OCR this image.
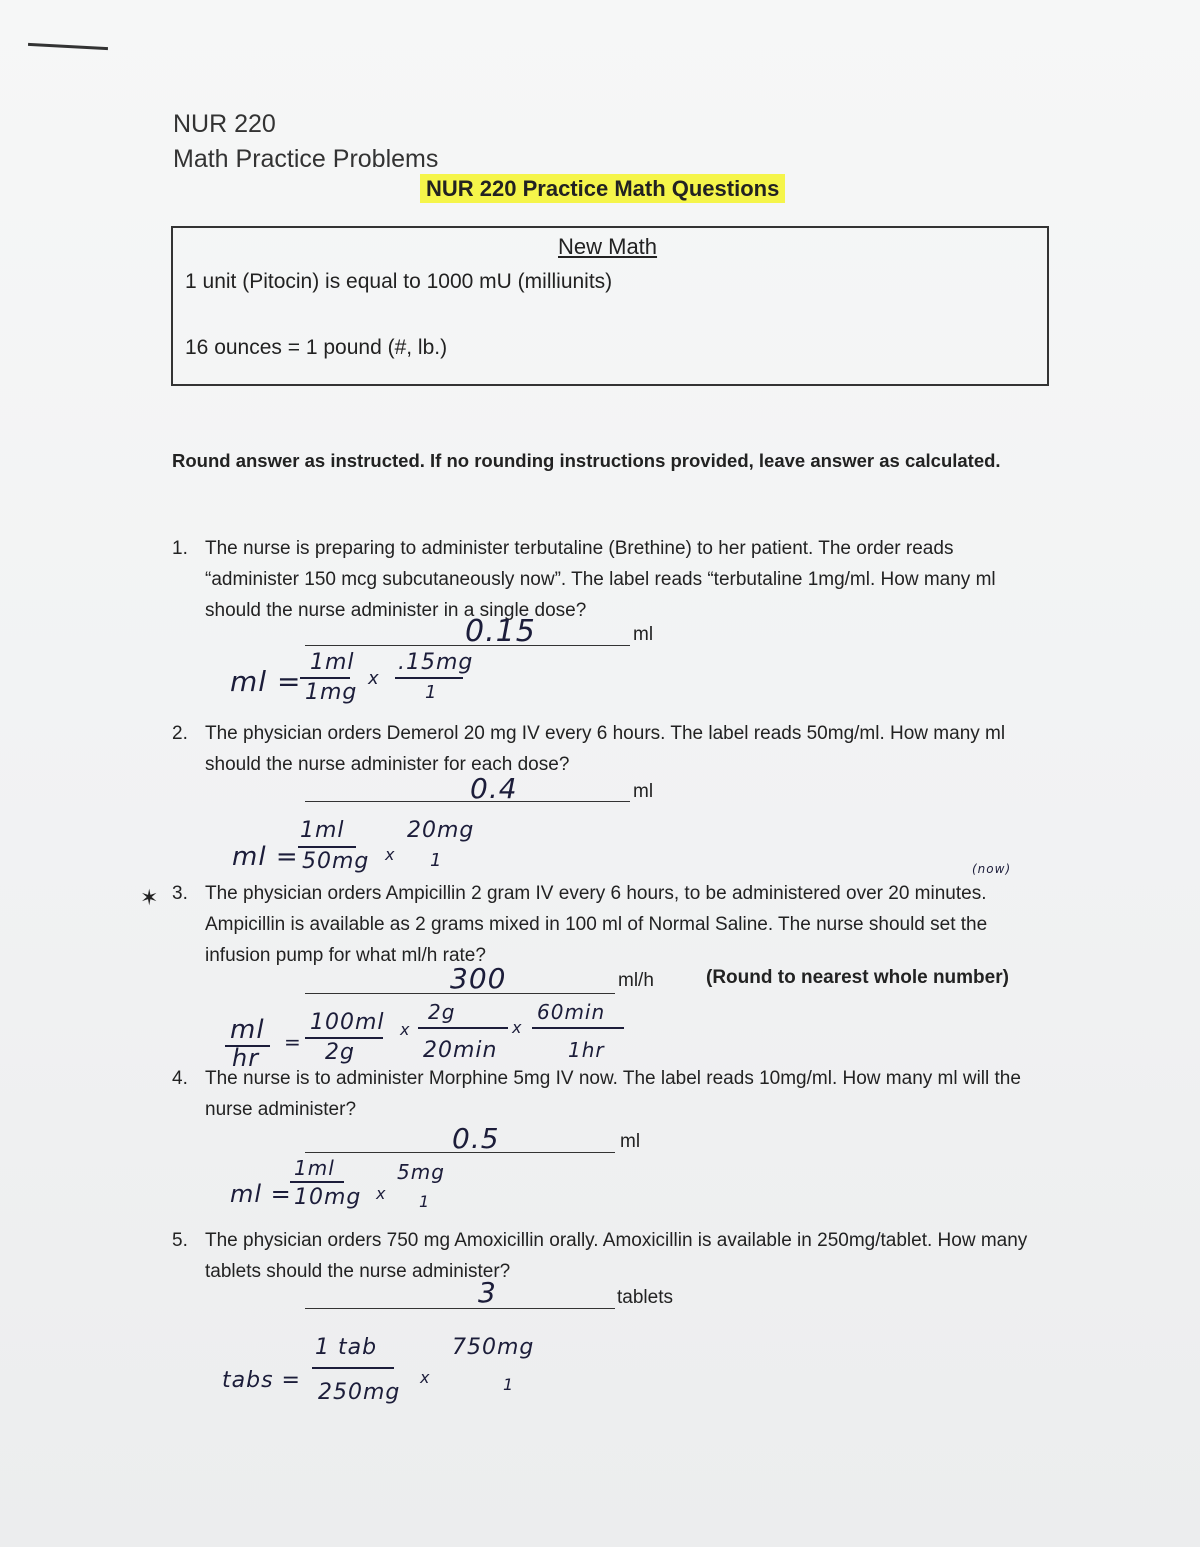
NUR 220
Math Practice Problems
NUR 220 Practice Math Questions
New Math
1 unit (Pitocin) is equal to 1000 mU (milliunits)
16 ounces = 1 pound (#, lb.)
Round answer as instructed. If no rounding instructions provided, leave answer as calculated.
1. The nurse is preparing to administer terbutaline (Brethine) to her patient. The order reads “administer 150 mcg subcutaneously now”. The label reads “terbutaline 1mg/ml. How many ml should the nurse administer in a single dose?
0.15	ml
ml =
1ml
1mg
x
.15mg
1
2. The physician orders Demerol 20 mg IV every 6 hours. The label reads 50mg/ml. How many ml should the nurse administer for each dose?
0.4	ml
ml =
1ml
50mg x
20mg
1
✶ 3. The physician orders Ampicillin 2 gram IV every 6 hours, to be administered over 20 minutes. Ampicillin is available as 2 grams mixed in 100 ml of Normal Saline. The nurse should set the infusion pump for what ml/h rate?
(now)
300	ml/h	(Round to nearest whole number)
ml
hr
=
100ml
2g
x
2g
20min
x
60min
1hr
4. The nurse is to administer Morphine 5mg IV now. The label reads 10mg/ml. How many ml will the nurse administer?
0.5	ml
ml =
1ml
10mg x
5mg
1
5. The physician orders 750 mg Amoxicillin orally. Amoxicillin is available in 250mg/tablet. How many tablets should the nurse administer?
3	tablets
tabs =
1 tab
250mg
x
750mg
1
